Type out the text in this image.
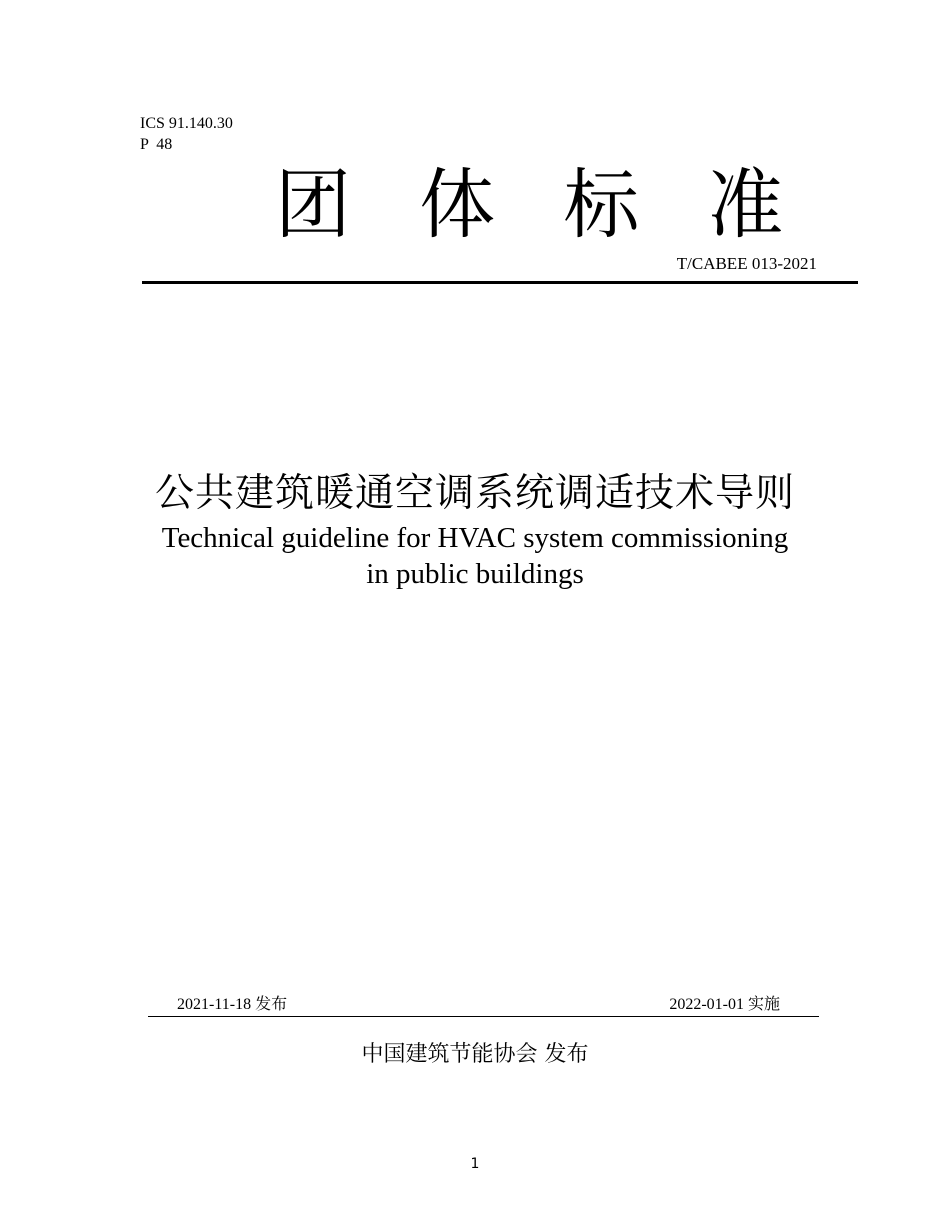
ICS 91.140.30
P  48
团 体 标 准
T/CABEE 013-2021
公共建筑暖通空调系统调适技术导则
Technical guideline for HVAC system commissioning
in public buildings
2021-11-18 发布	2022-01-01 实施
中国建筑节能协会 发布
1
